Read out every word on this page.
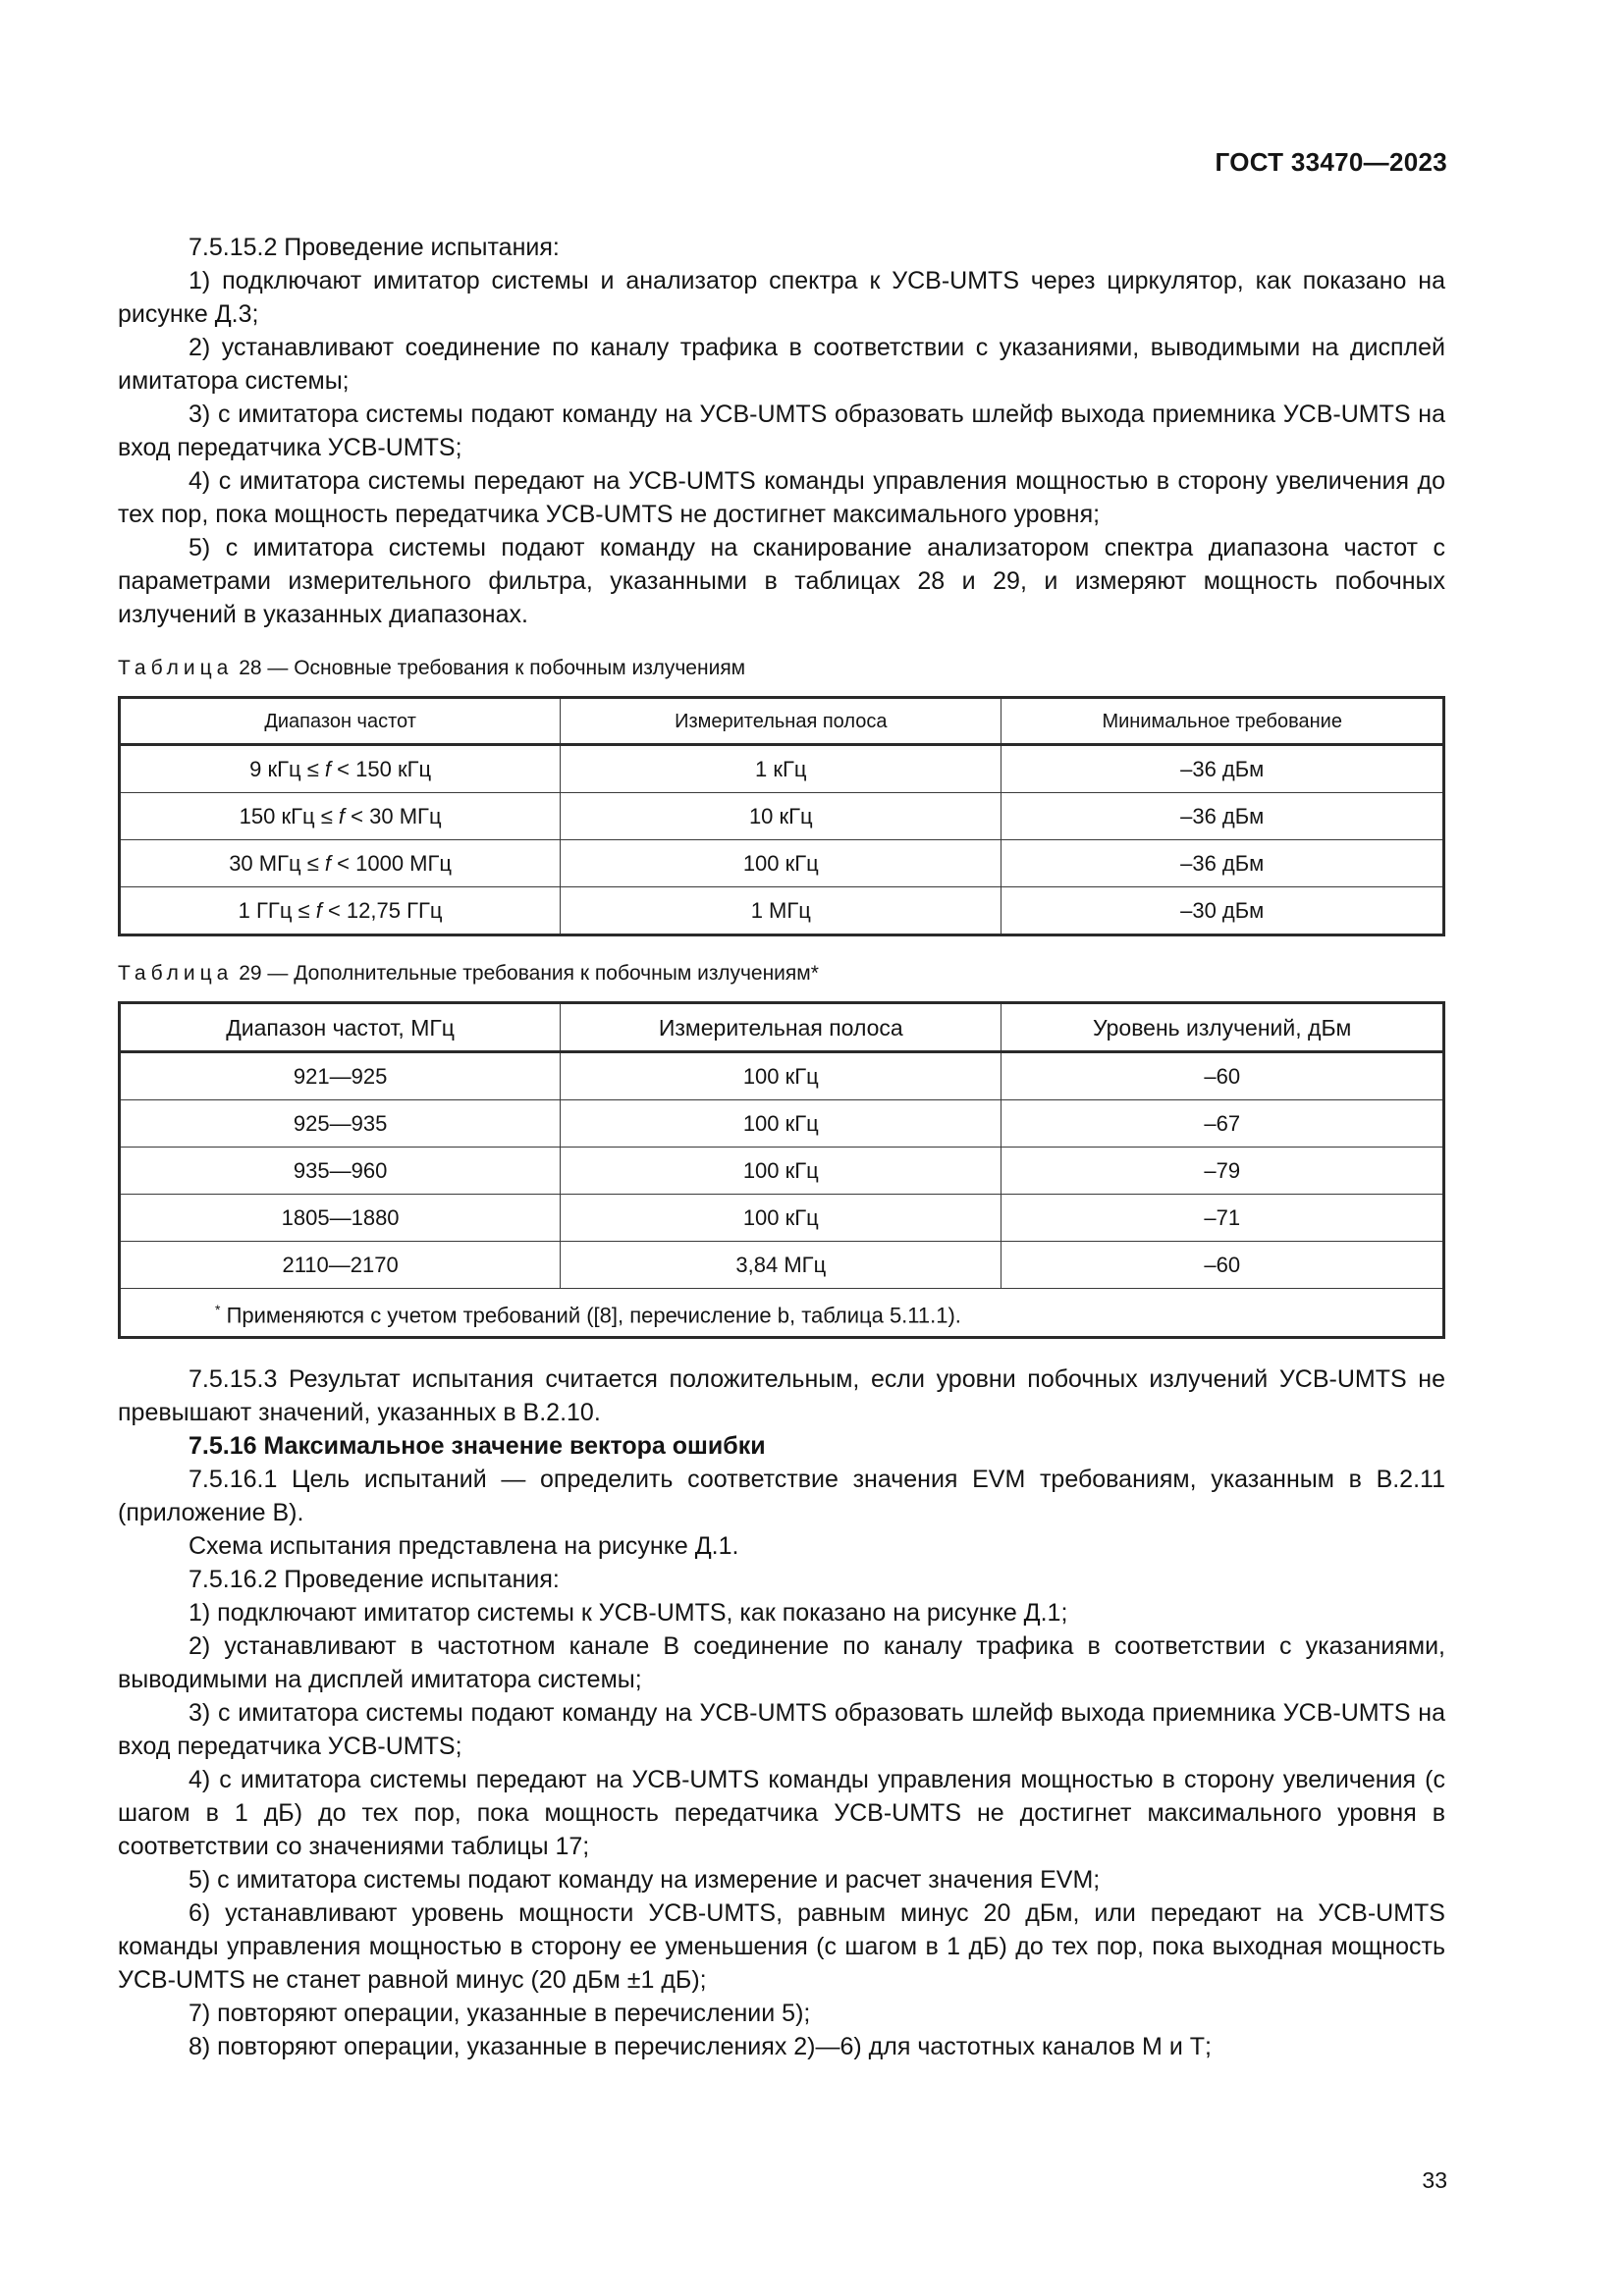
ГОСТ 33470—2023

7.5.15.2 Проведение испытания:

1) подключают имитатор системы и анализатор спектра к УСВ-UMTS через циркулятор, как показано на рисунке Д.3;

2) устанавливают соединение по каналу трафика в соответствии с указаниями, выводимыми на дисплей имитатора системы;

3) с имитатора системы подают команду на УСВ-UMTS образовать шлейф выхода приемника УСВ-UMTS на вход передатчика УСВ-UMTS;

4) с имитатора системы передают на УСВ-UMTS команды управления мощностью в сторону увеличения до тех пор, пока мощность передатчика УСВ-UMTS не достигнет максимального уровня;

5) с имитатора системы подают команду на сканирование анализатором спектра диапазона частот с параметрами измерительного фильтра, указанными в таблицах 28 и 29, и измеряют мощность побочных излучений в указанных диапазонах.

Таблица 28 — Основные требования к побочным излучениям
Диапазон частот	Измерительная полоса	Минимальное требование
9 кГц ≤ f < 150 кГц	1 кГц	–36 дБм
150 кГц ≤ f < 30 МГц	10 кГц	–36 дБм
30 МГц ≤ f < 1000 МГц	100 кГц	–36 дБм
1 ГГц ≤ f < 12,75 ГГц	1 МГц	–30 дБм
Таблица 29 — Дополнительные требования к побочным излучениям*
Диапазон частот, МГц	Измерительная полоса	Уровень излучений, дБм
921—925	100 кГц	–60
925—935	100 кГц	–67
935—960	100 кГц	–79
1805—1880	100 кГц	–71
2110—2170	3,84 МГц	–60
* Применяются с учетом требований ([8], перечисление b, таблица 5.11.1).		

7.5.15.3 Результат испытания считается положительным, если уровни побочных излучений УСВ-UMTS не превышают значений, указанных в В.2.10.

7.5.16 Максимальное значение вектора ошибки

7.5.16.1 Цель испытаний — определить соответствие значения EVM требованиям, указанным в В.2.11 (приложение В).

Схема испытания представлена на рисунке Д.1.

7.5.16.2 Проведение испытания:

1) подключают имитатор системы к УСВ-UMTS, как показано на рисунке Д.1;

2) устанавливают в частотном канале В соединение по каналу трафика в соответствии с указаниями, выводимыми на дисплей имитатора системы;

3) с имитатора системы подают команду на УСВ-UMTS образовать шлейф выхода приемника УСВ-UMTS на вход передатчика УСВ-UMTS;

4) с имитатора системы передают на УСВ-UMTS команды управления мощностью в сторону увеличения (с шагом в 1 дБ) до тех пор, пока мощность передатчика УСВ-UMTS не достигнет максимального уровня в соответствии со значениями таблицы 17;

5) с имитатора системы подают команду на измерение и расчет значения EVM;

6) устанавливают уровень мощности УСВ-UMTS, равным минус 20 дБм, или передают на УСВ-UMTS команды управления мощностью в сторону ее уменьшения (с шагом в 1 дБ) до тех пор, пока выходная мощность УСВ-UMTS не станет равной минус (20 дБм ±1 дБ);

7) повторяют операции, указанные в перечислении 5);

8) повторяют операции, указанные в перечислениях 2)—6) для частотных каналов М и Т;

33
